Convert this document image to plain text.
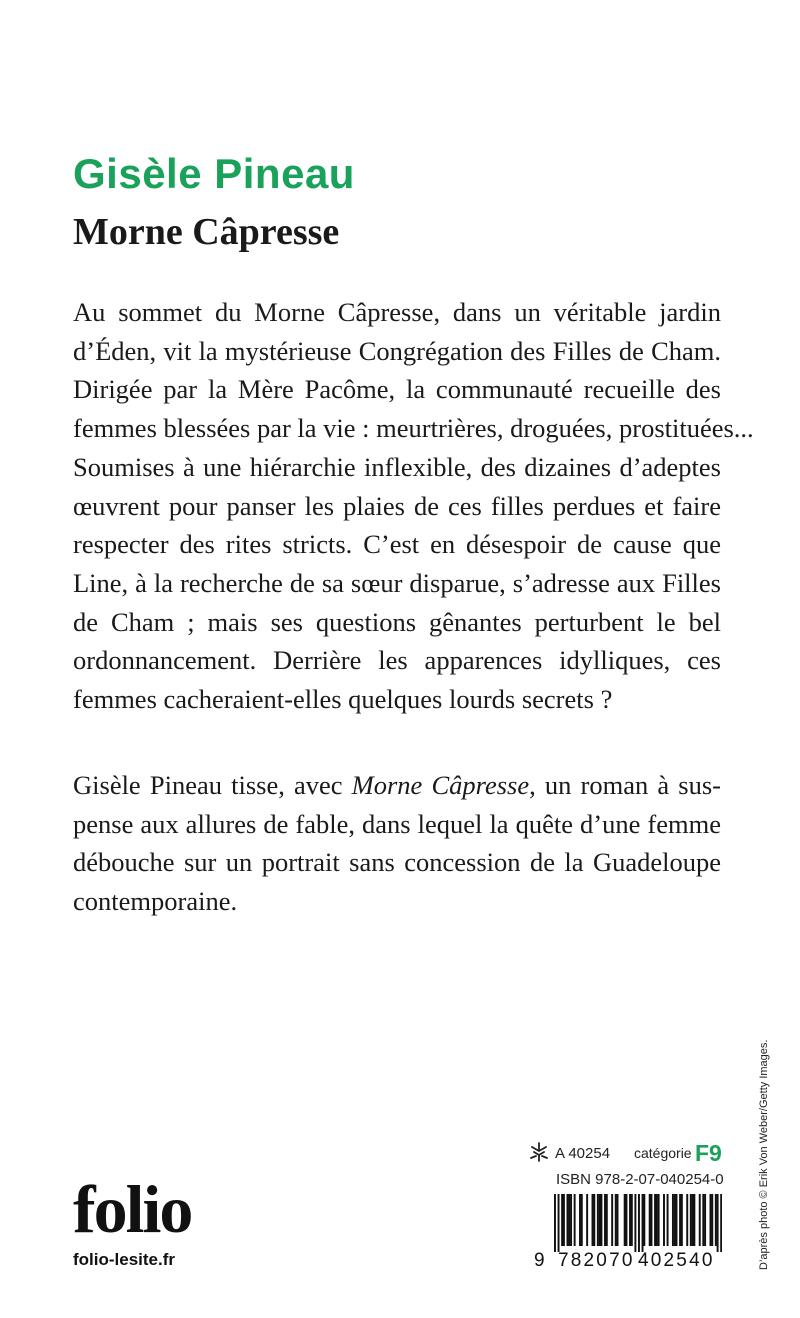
Gisèle Pineau
Morne Câpresse
Au sommet du Morne Câpresse, dans un véritable jardin
d’Éden, vit la mystérieuse Congrégation des Filles de Cham.
Dirigée par la Mère Pacôme, la communauté recueille des
femmes blessées par la vie : meurtrières, droguées, prostituées...
Soumises à une hiérarchie inflexible, des dizaines d’adeptes
œuvrent pour panser les plaies de ces filles perdues et faire
respecter des rites stricts. C’est en désespoir de cause que
Line, à la recherche de sa sœur disparue, s’adresse aux Filles
de Cham ; mais ses questions gênantes perturbent le bel
ordonnancement. Derrière les apparences idylliques, ces
femmes cacheraient-elles quelques lourds secrets ?
Gisèle Pineau tisse, avec Morne Câpresse, un roman à sus-
pense aux allures de fable, dans lequel la quête d’une femme
débouche sur un portrait sans concession de la Guadeloupe
contemporaine.
D’après photo © Erik Von Weber/Getty Images.
folio
folio-lesite.fr
A 40254 catégorie F9
ISBN 978-2-07-040254-0
9 782070 402540
